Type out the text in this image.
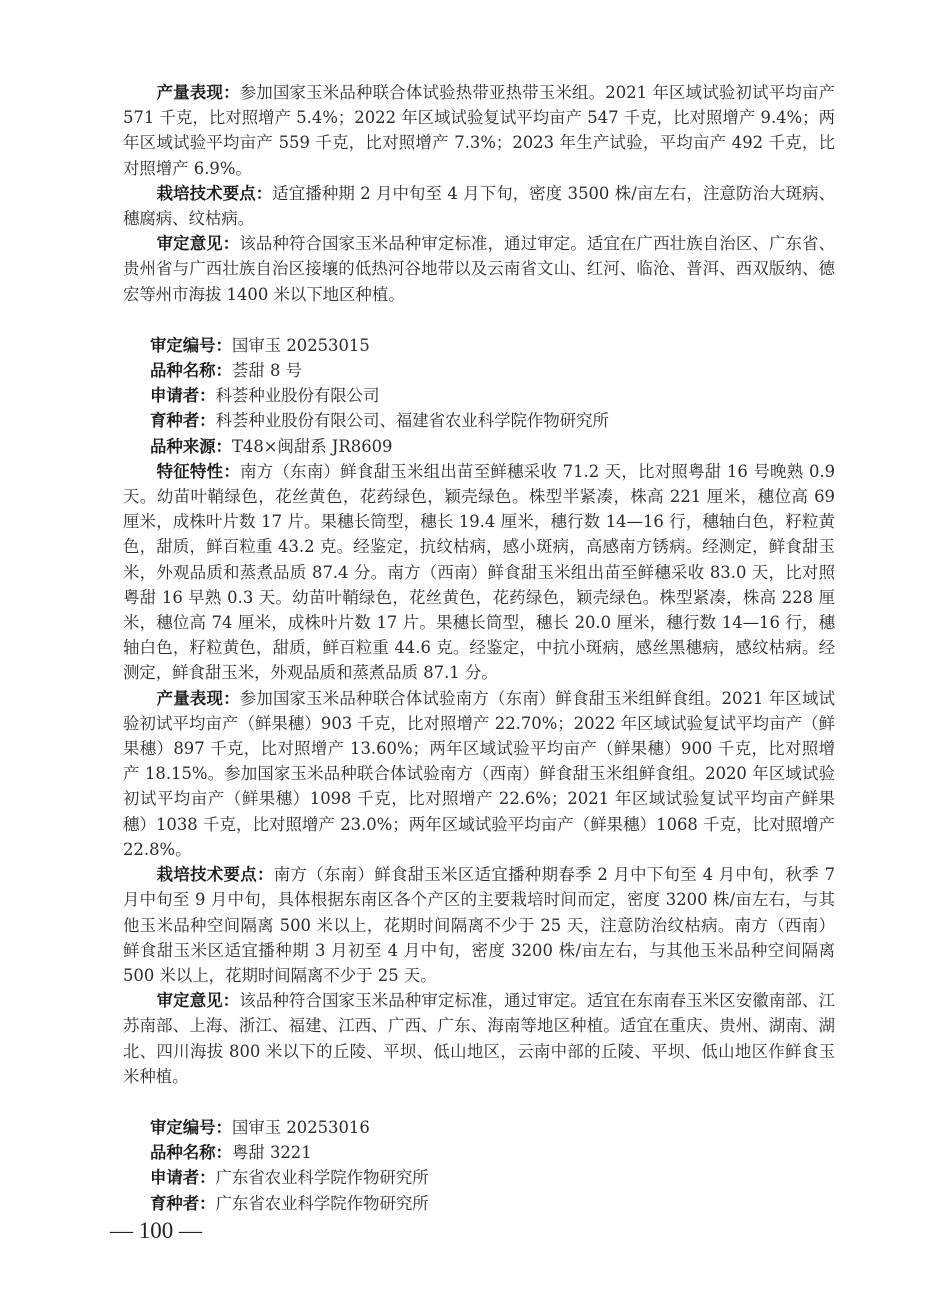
产量表现：参加国家玉米品种联合体试验热带亚热带玉米组。2021 年区域试验初试平均亩产 571 千克，比对照增产 5.4%；2022 年区域试验复试平均亩产 547 千克，比对照增产 9.4%；两年区域试验平均亩产 559 千克，比对照增产 7.3%；2023 年生产试验，平均亩产 492 千克，比对照增产 6.9%。

栽培技术要点：适宜播种期 2 月中旬至 4 月下旬，密度 3500 株/亩左右，注意防治大斑病、穗腐病、纹枯病。

审定意见：该品种符合国家玉米品种审定标准，通过审定。适宜在广西壮族自治区、广东省、贵州省与广西壮族自治区接壤的低热河谷地带以及云南省文山、红河、临沧、普洱、西双版纳、德宏等州市海拔 1400 米以下地区种植。

审定编号：国审玉 20253015

品种名称：荟甜 8 号

申请者：科荟种业股份有限公司

育种者：科荟种业股份有限公司、福建省农业科学院作物研究所

品种来源：T48×闽甜系 JR8609

特征特性：南方（东南）鲜食甜玉米组出苗至鲜穗采收 71.2 天，比对照粤甜 16 号晚熟 0.9 天。幼苗叶鞘绿色，花丝黄色，花药绿色，颖壳绿色。株型半紧凑，株高 221 厘米，穗位高 69 厘米，成株叶片数 17 片。果穗长筒型，穗长 19.4 厘米，穗行数 14—16 行，穗轴白色，籽粒黄色，甜质，鲜百粒重 43.2 克。经鉴定，抗纹枯病，感小斑病，高感南方锈病。经测定，鲜食甜玉米，外观品质和蒸煮品质 87.4 分。南方（西南）鲜食甜玉米组出苗至鲜穗采收 83.0 天，比对照粤甜 16 早熟 0.3 天。幼苗叶鞘绿色，花丝黄色，花药绿色，颖壳绿色。株型紧凑，株高 228 厘米，穗位高 74 厘米，成株叶片数 17 片。果穗长筒型，穗长 20.0 厘米，穗行数 14—16 行，穗轴白色，籽粒黄色，甜质，鲜百粒重 44.6 克。经鉴定，中抗小斑病，感丝黑穗病，感纹枯病。经测定，鲜食甜玉米，外观品质和蒸煮品质 87.1 分。

产量表现：参加国家玉米品种联合体试验南方（东南）鲜食甜玉米组鲜食组。2021 年区域试验初试平均亩产（鲜果穗）903 千克，比对照增产 22.70%；2022 年区域试验复试平均亩产（鲜果穗）897 千克，比对照增产 13.60%；两年区域试验平均亩产（鲜果穗）900 千克，比对照增产 18.15%。参加国家玉米品种联合体试验南方（西南）鲜食甜玉米组鲜食组。2020 年区域试验初试平均亩产（鲜果穗）1098 千克，比对照增产 22.6%；2021 年区域试验复试平均亩产鲜果穗）1038 千克，比对照增产 23.0%；两年区域试验平均亩产（鲜果穗）1068 千克，比对照增产 22.8%。

栽培技术要点：南方（东南）鲜食甜玉米区适宜播种期春季 2 月中下旬至 4 月中旬，秋季 7 月中旬至 9 月中旬，具体根据东南区各个产区的主要栽培时间而定，密度 3200 株/亩左右，与其他玉米品种空间隔离 500 米以上，花期时间隔离不少于 25 天，注意防治纹枯病。南方（西南）鲜食甜玉米区适宜播种期 3 月初至 4 月中旬，密度 3200 株/亩左右，与其他玉米品种空间隔离 500 米以上，花期时间隔离不少于 25 天。

审定意见：该品种符合国家玉米品种审定标准，通过审定。适宜在东南春玉米区安徽南部、江苏南部、上海、浙江、福建、江西、广西、广东、海南等地区种植。适宜在重庆、贵州、湖南、湖北、四川海拔 800 米以下的丘陵、平坝、低山地区，云南中部的丘陵、平坝、低山地区作鲜食玉米种植。

审定编号：国审玉 20253016

品种名称：粤甜 3221

申请者：广东省农业科学院作物研究所

育种者：广东省农业科学院作物研究所

— 100 —
